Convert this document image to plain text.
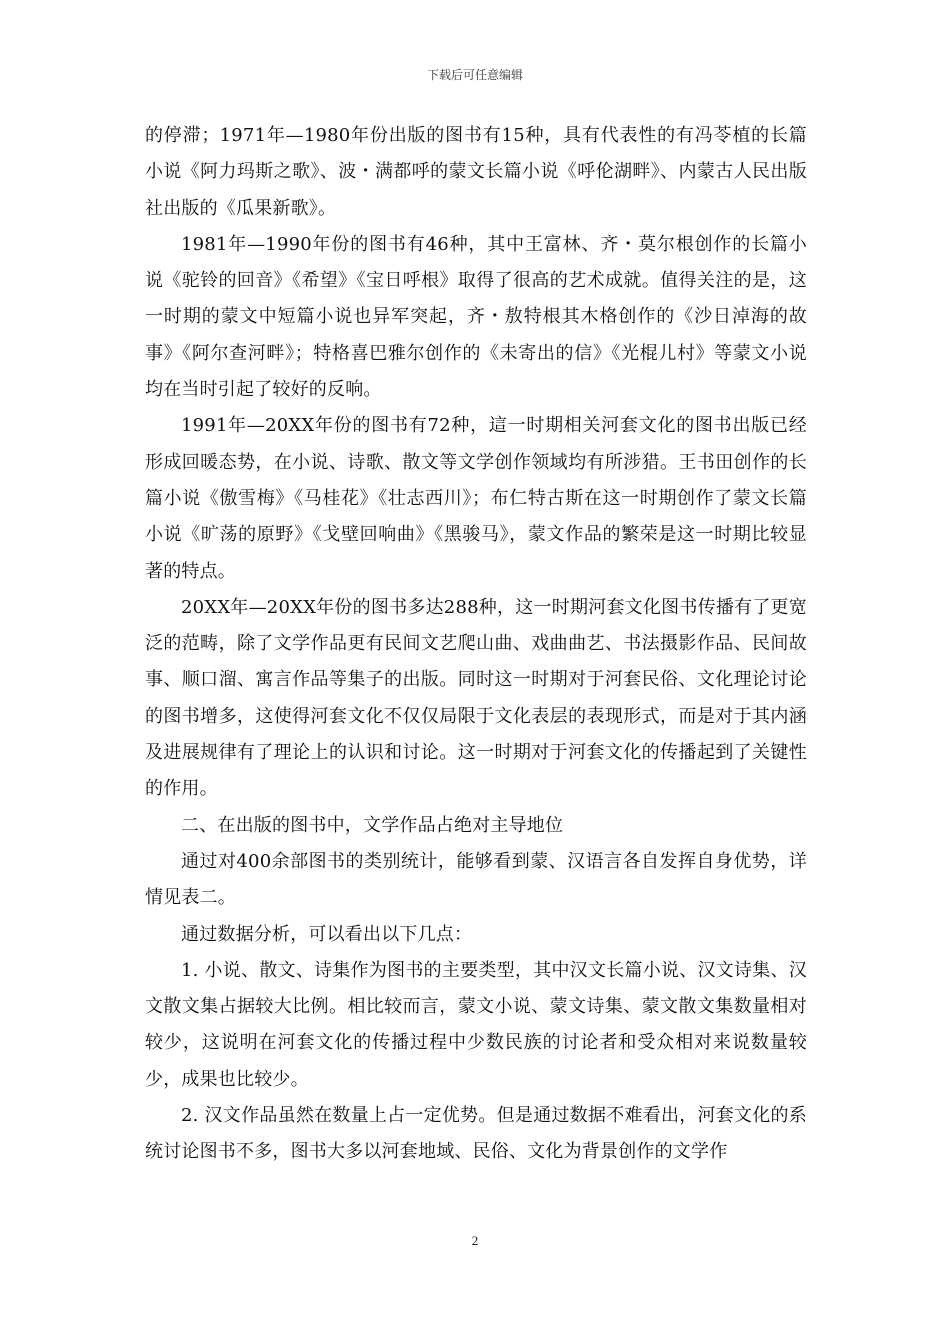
下载后可任意编辑

的停滞；1971年—1980年份出版的图书有15种，具有代表性的有冯苓植的长篇小说《阿力玛斯之歌》、波・满都呼的蒙文长篇小说《呼伦湖畔》、内蒙古人民出版社出版的《瓜果新歌》。

1981年—1990年份的图书有46种，其中王富林、齐・莫尔根创作的长篇小说《驼铃的回音》《希望》《宝日呼根》取得了很高的艺术成就。值得关注的是，这一时期的蒙文中短篇小说也异军突起，齐・敖特根其木格创作的《沙日淖海的故事》《阿尔查河畔》；特格喜巴雅尔创作的《未寄出的信》《光棍儿村》等蒙文小说均在当时引起了较好的反响。

1991年—20XX年份的图书有72种，這一时期相关河套文化的图书出版已经形成回暖态势，在小说、诗歌、散文等文学创作领域均有所涉猎。王书田创作的长篇小说《傲雪梅》《马桂花》《壮志西川》；布仁特古斯在这一时期创作了蒙文长篇小说《旷荡的原野》《戈壁回响曲》《黑骏马》，蒙文作品的繁荣是这一时期比较显著的特点。

20XX年—20XX年份的图书多达288种，这一时期河套文化图书传播有了更宽泛的范畴，除了文学作品更有民间文艺爬山曲、戏曲曲艺、书法摄影作品、民间故事、顺口溜、寓言作品等集子的出版。同时这一时期对于河套民俗、文化理论讨论的图书增多，这使得河套文化不仅仅局限于文化表层的表现形式，而是对于其内涵及进展规律有了理论上的认识和讨论。这一时期对于河套文化的传播起到了关键性的作用。

二、在出版的图书中，文学作品占绝对主导地位

通过对400余部图书的类别统计，能够看到蒙、汉语言各自发挥自身优势，详情见表二。

通过数据分析，可以看出以下几点：

1. 小说、散文、诗集作为图书的主要类型，其中汉文长篇小说、汉文诗集、汉文散文集占据较大比例。相比较而言，蒙文小说、蒙文诗集、蒙文散文集数量相对较少，这说明在河套文化的传播过程中少数民族的讨论者和受众相对来说数量较少，成果也比较少。

2. 汉文作品虽然在数量上占一定优势。但是通过数据不难看出，河套文化的系统讨论图书不多，图书大多以河套地域、民俗、文化为背景创作的文学作

2
